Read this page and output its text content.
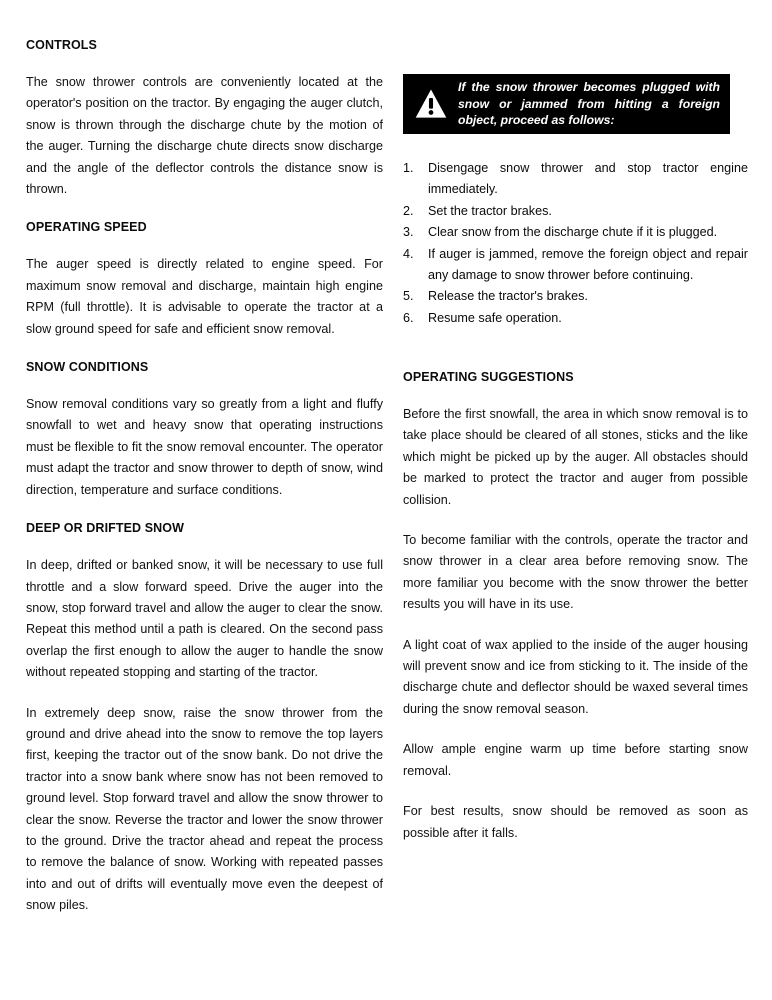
CONTROLS

The snow thrower controls are conveniently located at the operator's position on the tractor. By engaging the auger clutch, snow is thrown through the discharge chute by the motion of the auger. Turning the discharge chute directs snow discharge and the angle of the deflector controls the distance snow is thrown.

OPERATING SPEED

The auger speed is directly related to engine speed. For maximum snow removal and discharge, maintain high engine RPM (full throttle). It is advisable to operate the tractor at a slow ground speed for safe and efficient snow removal.

SNOW CONDITIONS

Snow removal conditions vary so greatly from a light and fluffy snowfall to wet and heavy snow that operating instructions must be flexible to fit the snow removal encounter. The operator must adapt the tractor and snow thrower to depth of snow, wind direction, temperature and surface conditions.

DEEP OR DRIFTED SNOW

In deep, drifted or banked snow, it will be necessary to use full throttle and a slow forward speed. Drive the auger into the snow, stop forward travel and allow the auger to clear the snow. Repeat this method until a path is cleared. On the second pass overlap the first enough to allow the auger to handle the snow without repeated stopping and starting of the tractor.

In extremely deep snow, raise the snow thrower from the ground and drive ahead into the snow to remove the top layers first, keeping the tractor out of the snow bank. Do not drive the tractor into a snow bank where snow has not been removed to ground level. Stop forward travel and allow the snow thrower to clear the snow. Reverse the tractor and lower the snow thrower to the ground. Drive the tractor ahead and repeat the process to remove the balance of snow. Working with repeated passes into and out of drifts will eventually move even the deepest of snow piles.

If the snow thrower becomes plugged with snow or jammed from hitting a foreign object, proceed as follows:
1.	Disengage snow thrower and stop tractor engine immediately.
2.	Set the tractor brakes.
3.	Clear snow from the discharge chute if it is plugged.
4.	If auger is jammed, remove the foreign object and repair any damage to snow thrower before continuing.
5.	Release the tractor's brakes.
6.	Resume safe operation.
OPERATING SUGGESTIONS

Before the first snowfall, the area in which snow removal is to take place should be cleared of all stones, sticks and the like which might be picked up by the auger. All obstacles should be marked to protect the tractor and auger from possible collision.

To become familiar with the controls, operate the tractor and snow thrower in a clear area before removing snow. The more familiar you become with the snow thrower the better results you will have in its use.

A light coat of wax applied to the inside of the auger housing will prevent snow and ice from sticking to it. The inside of the discharge chute and deflector should be waxed several times during the snow removal season.

Allow ample engine warm up time before starting snow removal.

For best results, snow should be removed as soon as possible after it falls.
